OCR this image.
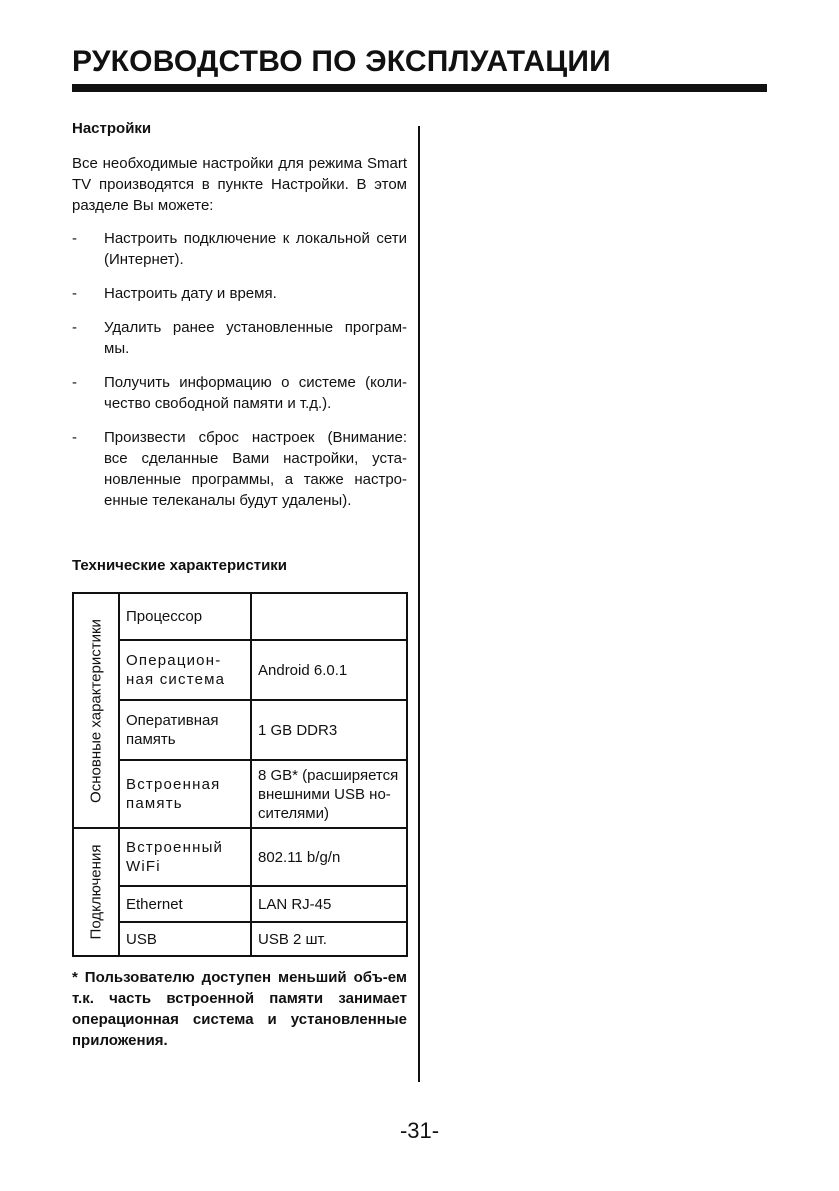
РУКОВОДСТВО ПО ЭКСПЛУАТАЦИИ
Настройки
Все необходимые настройки для режима Smart TV производятся в пункте Настройки. В этом разделе Вы можете:
-	Настроить подключение к локальной сети (Интернет).
-	Настроить дату и время.
-	Удалить ранее установленные програм-мы.
-	Получить информацию о системе (коли-чество свободной памяти и т.д.).
-	Произвести сброс настроек (Внимание: все сделанные Вами настройки, уста-новленные программы, а также настро-енные телеканалы будут удалены).
Технические характеристики
Основные характеристики	Процессор	
	Операцион-ная система	Android 6.0.1
	Оперативная память	1 GB DDR3
	Встроенная память	8 GB* (расширяется внешними USB но-сителями)

Подключения	Встроенный WiFi	802.11 b/g/n
	Ethernet	LAN RJ-45
	USB	USB 2 шт.
* Пользователю доступен меньший объ-ем т.к. часть встроенной памяти занимает операционная система и установленные приложения.
-31-
